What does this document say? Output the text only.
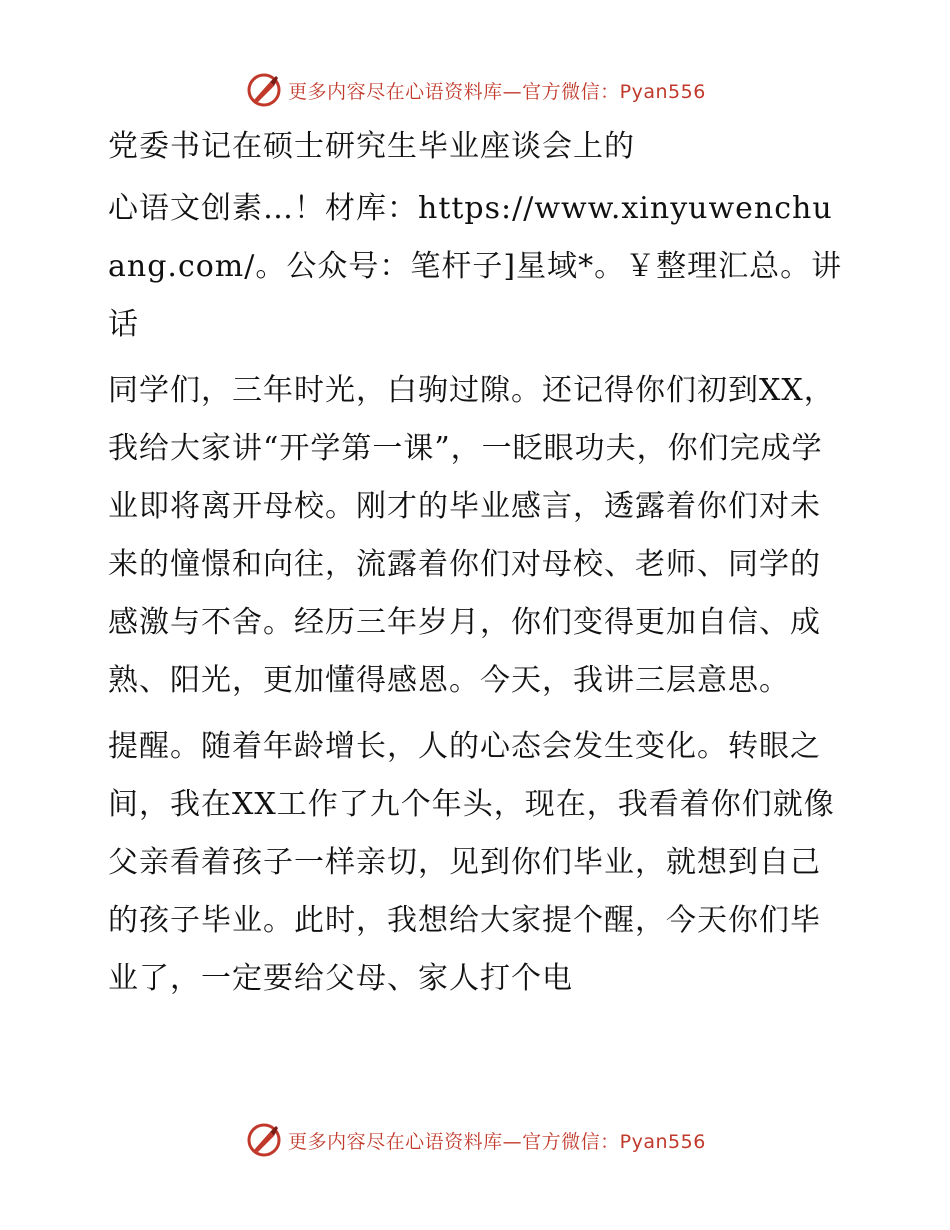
更多内容尽在心语资料库—官方微信：Pyan556

党委书记在硕士研究生毕业座谈会上的

心语文创素…！材库：https://www.xinyuwenchuang.com/。公众号：笔杆子]星域*。￥整理汇总。讲话

同学们，三年时光，白驹过隙。还记得你们初到XX，我给大家讲“开学第一课”，一眨眼功夫，你们完成学业即将离开母校。刚才的毕业感言，透露着你们对未来的憧憬和向往，流露着你们对母校、老师、同学的感激与不舍。经历三年岁月，你们变得更加自信、成熟、阳光，更加懂得感恩。今天，我讲三层意思。

提醒。随着年龄增长，人的心态会发生变化。转眼之间，我在XX工作了九个年头，现在，我看着你们就像父亲看着孩子一样亲切，见到你们毕业，就想到自己的孩子毕业。此时，我想给大家提个醒，今天你们毕业了，一定要给父母、家人打个电

更多内容尽在心语资料库—官方微信：Pyan556
